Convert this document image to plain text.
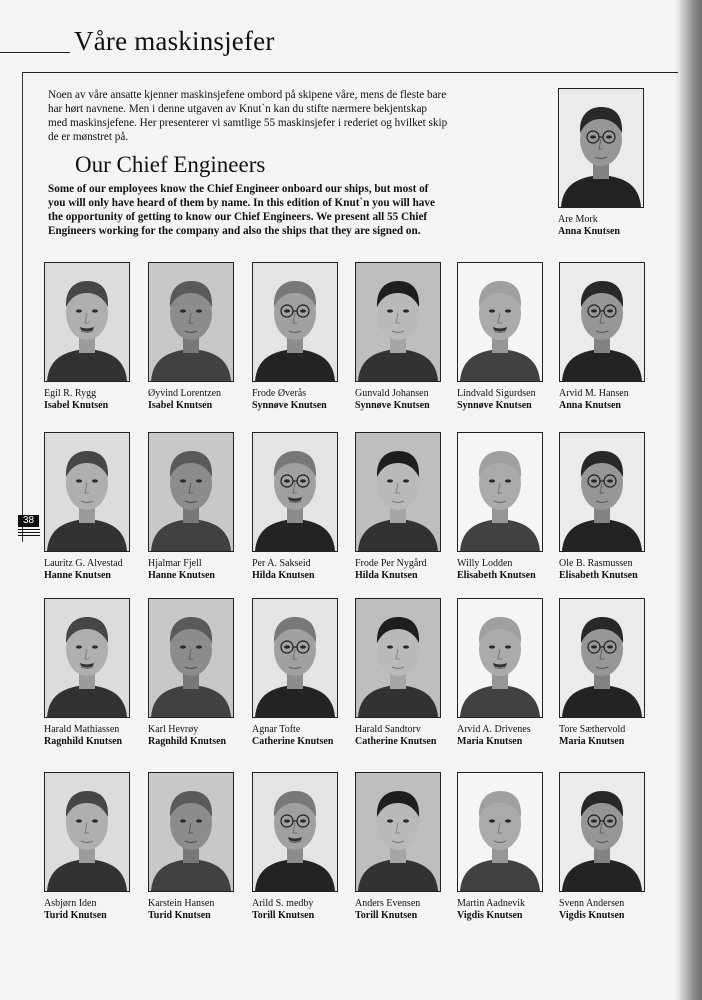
Våre maskinsjefer
Noen av våre ansatte kjenner maskinsjefene ombord på skipene våre, mens de fleste bare har hørt navnene. Men i denne utgaven av Knut`n kan du stifte nærmere bekjentskap med maskinsjefene. Her presenterer vi samtlige 55 maskinsjefer i rederiet og hvilket skip de er mønstret på.
Our Chief Engineers
Some of our employees know the Chief Engineer onboard our ships, but most of you will only have heard of them by name. In this edition of Knut`n you will have the opportunity of getting to know our Chief Engineers. We present all 55 Chief Engineers working for the company and also the ships that they are signed on.
38
Are Mork
Anna Knutsen
Egil R. Rygg
Isabel Knutsen
Øyvind Lorentzen
Isabel Knutsen
Frode Øverås
Synnøve Knutsen
Gunvald Johansen
Synnøve Knutsen
Lindvald Sigurdsen
Synnøve Knutsen
Arvid M. Hansen
Anna Knutsen
Lauritz G. Alvestad
Hanne Knutsen
Hjalmar Fjell
Hanne Knutsen
Per A. Sakseid
Hilda Knutsen
Frode Per Nygård
Hilda Knutsen
Willy Lodden
Elisabeth Knutsen
Ole B. Rasmussen
Elisabeth Knutsen
Harald Mathiassen
Ragnhild Knutsen
Karl Hevrøy
Ragnhild Knutsen
Agnar Tofte
Catherine Knutsen
Harald Sandtorv
Catherine Knutsen
Arvid A. Drivenes
Maria Knutsen
Tore Sæthervold
Maria Knutsen
Asbjørn Iden
Turid Knutsen
Karstein Hansen
Turid Knutsen
Arild S. medby
Torill Knutsen
Anders Evensen
Torill Knutsen
Martin Aadnevik
Vigdis Knutsen
Svenn Andersen
Vigdis Knutsen
